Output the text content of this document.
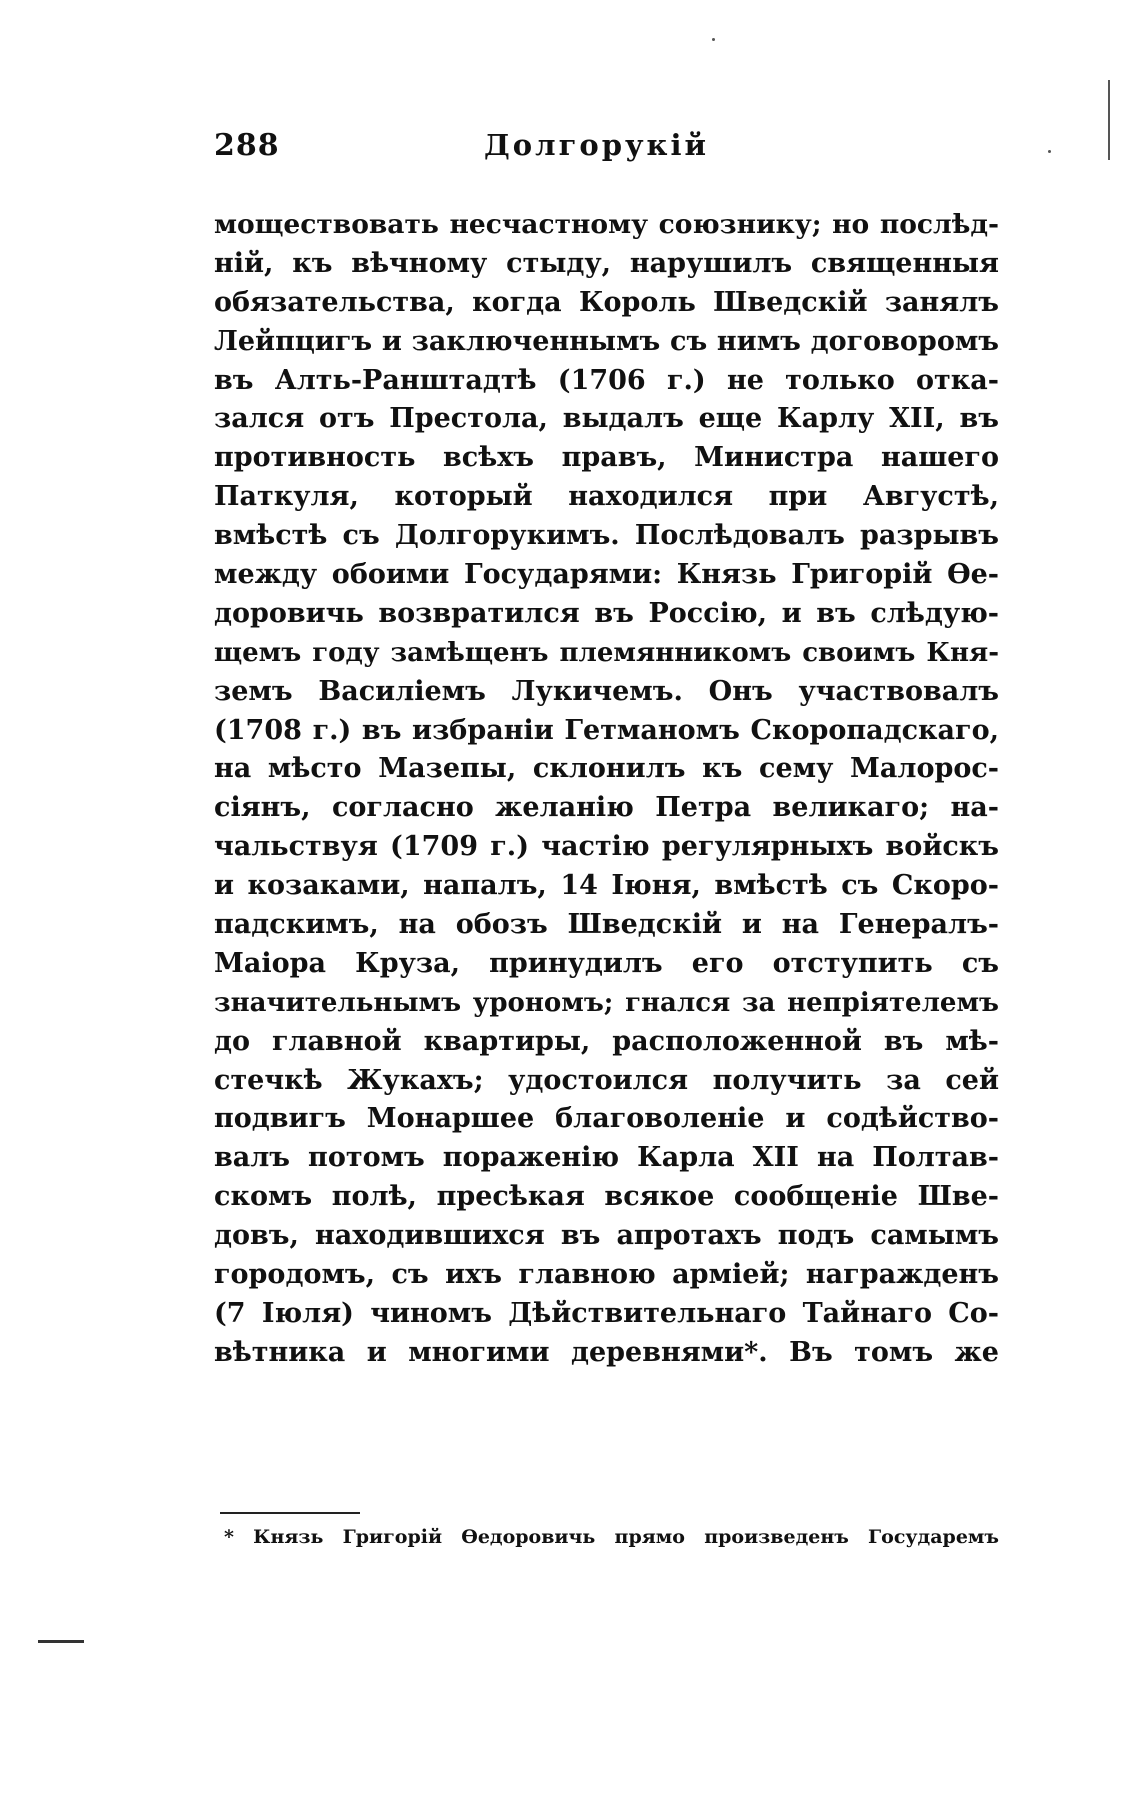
288	Долгорукій
моществовать несчастному союзнику; но послѣд-
ній, къ вѣчному стыду, нарушилъ священныя
обязательства, когда Король Шведскій занялъ
Лейпцигъ и заключеннымъ съ нимъ договоромъ
въ Алть-Ранштадтѣ (1706 г.) не только отка-
зался отъ Престола, выдалъ еще Карлу XII, въ
противность всѣхъ правъ, Министра нашего
Паткуля, который находился при Августѣ,
вмѣстѣ съ Долгорукимъ. Послѣдовалъ разрывъ
между обоими Государями: Князь Григорій Ѳе-
доровичь возвратился въ Россію, и въ слѣдую-
щемъ году замѣщенъ племянникомъ своимъ Кня-
земъ Василіемъ Лукичемъ. Онъ участвовалъ
(1708 г.) въ избраніи Гетманомъ Скоропадскаго,
на мѣсто Мазепы, склонилъ къ сему Малорос-
сіянъ, согласно желанію Петра великаго; на-
чальствуя (1709 г.) частію регулярныхъ войскъ
и козаками, напалъ, 14 Іюня, вмѣстѣ съ Скоро-
падскимъ, на обозъ Шведскій и на Генералъ-
Маіора Круза, принудилъ его отступить съ
значительнымъ урономъ; гнался за непріятелемъ
до главной квартиры, расположенной въ мѣ-
стечкѣ Жукахъ; удостоился получить за сей
подвигъ Монаршее благоволеніе и содѣйство-
валъ потомъ пораженію Карла XII на Полтав-
скомъ полѣ, пресѣкая всякое сообщеніе Шве-
довъ, находившихся въ апротахъ подъ самымъ
городомъ, съ ихъ главною арміей; награжденъ
(7 Іюля) чиномъ Дѣйствительнаго Тайнаго Со-
вѣтника и многими деревнями*. Въ томъ же
* Князь Григорій Ѳедоровичь прямо произведенъ Государемъ
